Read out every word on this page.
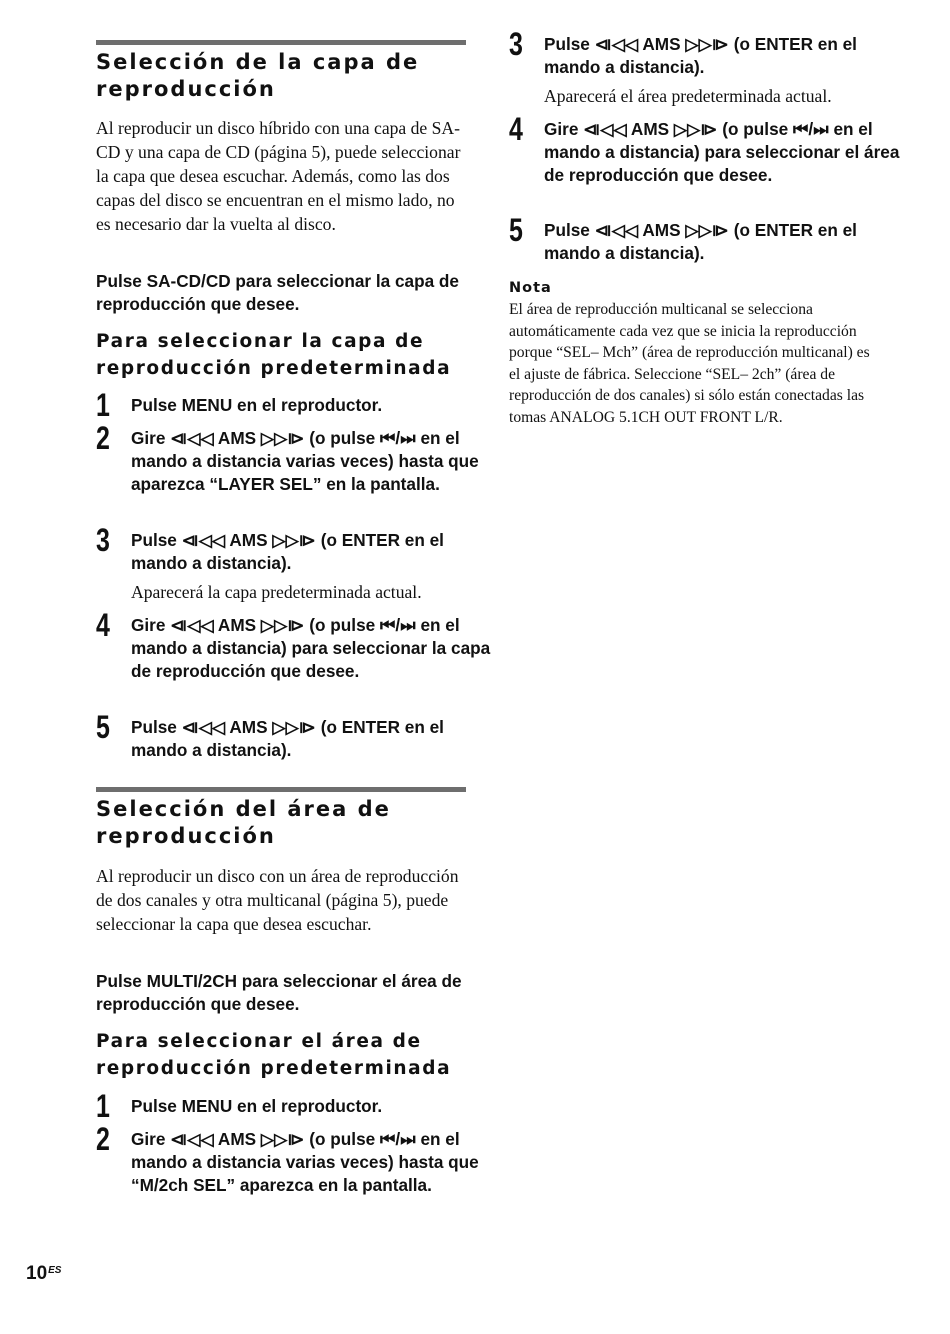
Selección de la capa de reproducción

Al reproducir un disco híbrido con una capa de SA-CD y una capa de CD (página 5), puede seleccionar la capa que desea escuchar. Además, como las dos capas del disco se encuentran en el mismo lado, no es necesario dar la vuelta al disco.

Pulse SA-CD/CD para seleccionar la capa de reproducción que desee.

Para seleccionar la capa de reproducción predeterminada

1 Pulse MENU en el reproductor.
2 Gire ⧏◁◁ AMS ▷▷⧐ (o pulse ⏮/⏭ en el mando a distancia varias veces) hasta que aparezca “LAYER SEL” en la pantalla.
3 Pulse ⧏◁◁ AMS ▷▷⧐ (o ENTER en el mando a distancia).
Aparecerá la capa predeterminada actual.
4 Gire ⧏◁◁ AMS ▷▷⧐ (o pulse ⏮/⏭ en el mando a distancia) para seleccionar la capa de reproducción que desee.
5 Pulse ⧏◁◁ AMS ▷▷⧐ (o ENTER en el mando a distancia).
Selección del área de reproducción

Al reproducir un disco con un área de reproducción de dos canales y otra multicanal (página 5), puede seleccionar la capa que desea escuchar.

Pulse MULTI/2CH para seleccionar el área de reproducción que desee.

Para seleccionar el área de reproducción predeterminada

1 Pulse MENU en el reproductor.
2 Gire ⧏◁◁ AMS ▷▷⧐ (o pulse ⏮/⏭ en el mando a distancia varias veces) hasta que “M/2ch SEL” aparezca en la pantalla.
3 Pulse ⧏◁◁ AMS ▷▷⧐ (o ENTER en el mando a distancia).
Aparecerá el área predeterminada actual.
4 Gire ⧏◁◁ AMS ▷▷⧐ (o pulse ⏮/⏭ en el mando a distancia) para seleccionar el área de reproducción que desee.
5 Pulse ⧏◁◁ AMS ▷▷⧐ (o ENTER en el mando a distancia).
Nota
El área de reproducción multicanal se selecciona automáticamente cada vez que se inicia la reproducción porque “SEL– Mch” (área de reproducción multicanal) es el ajuste de fábrica. Seleccione “SEL– 2ch” (área de reproducción de dos canales) si sólo están conectadas las tomas ANALOG 5.1CH OUT FRONT L/R.
$10^{ES}$
